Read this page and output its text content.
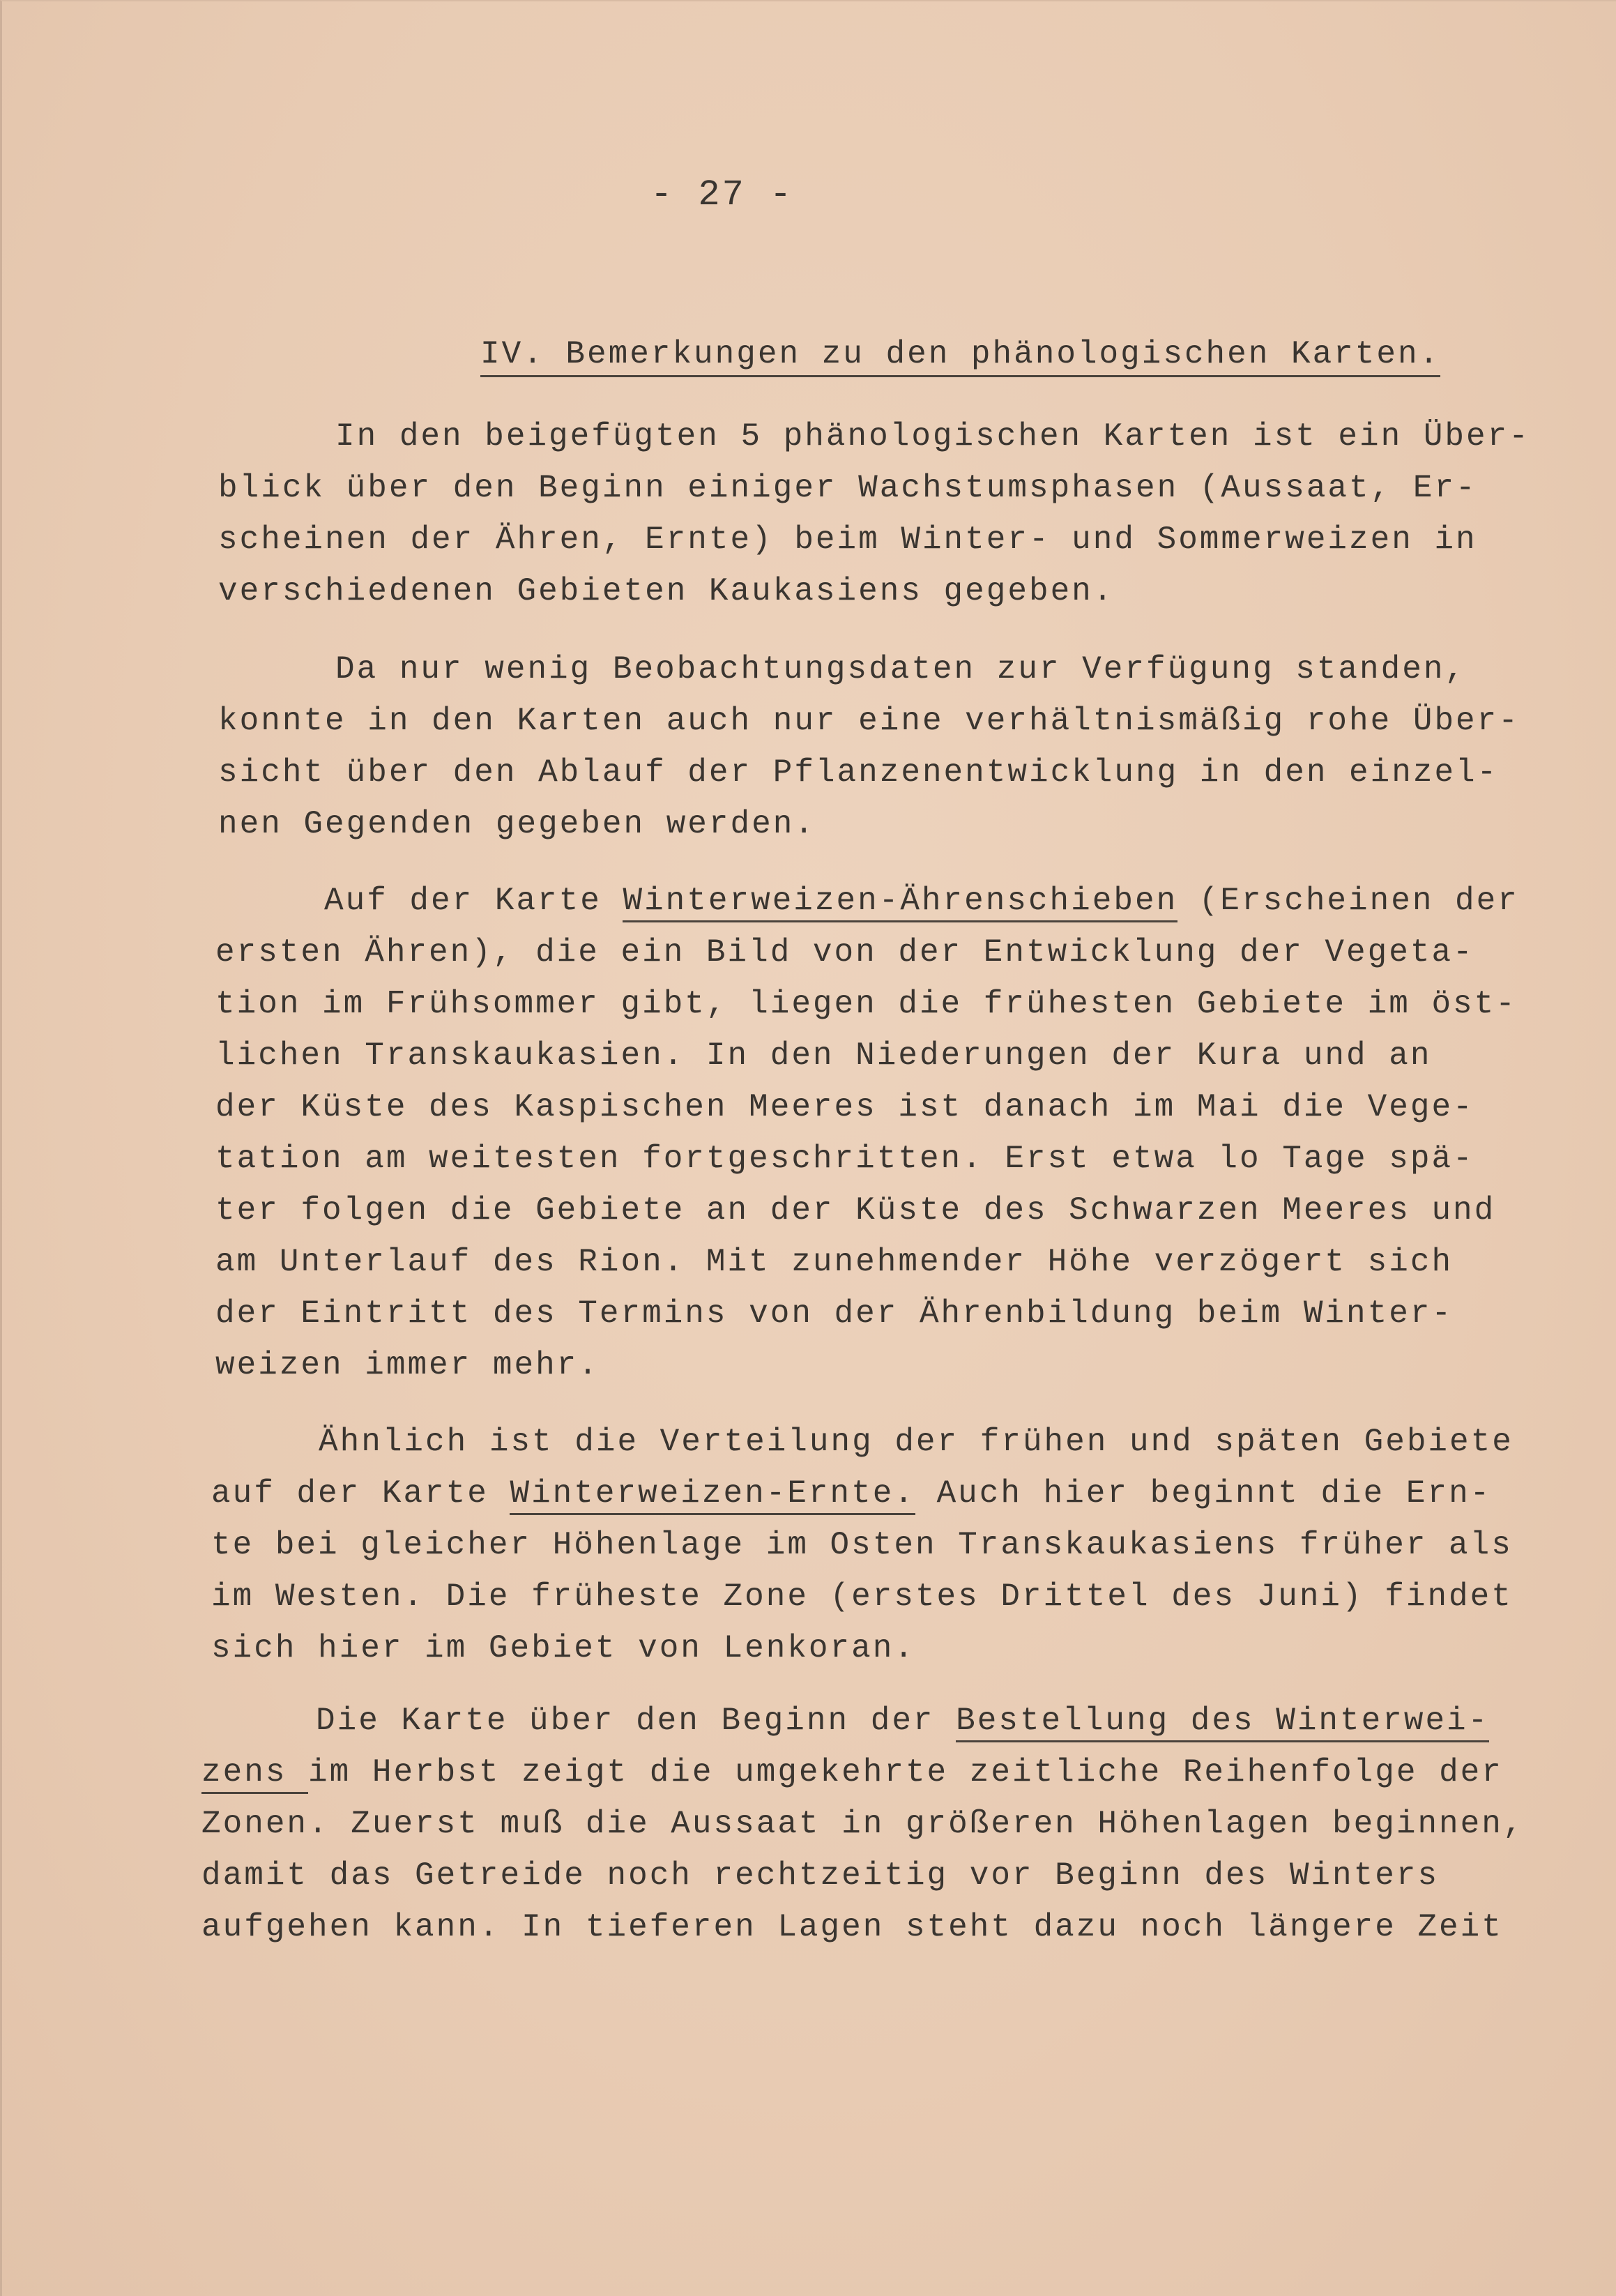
- 27 -

IV. Bemerkungen zu den phänologischen Karten.

In den beigefügten 5 phänologischen Karten ist ein Über-

blick über den Beginn einiger Wachstumsphasen (Aussaat, Er-

scheinen der Ähren, Ernte) beim Winter- und Sommerweizen in

verschiedenen Gebieten Kaukasiens gegeben.

Da nur wenig Beobachtungsdaten zur Verfügung standen,

konnte in den Karten auch nur eine verhältnismäßig rohe Über-

sicht über den Ablauf der Pflanzenentwicklung in den einzel-

nen Gegenden gegeben werden.

Auf der Karte Winterweizen-Ährenschieben (Erscheinen der

ersten Ähren), die ein Bild von der Entwicklung der Vegeta-

tion im Frühsommer gibt, liegen die frühesten Gebiete im öst-

lichen Transkaukasien. In den Niederungen der Kura und an

der Küste des Kaspischen Meeres ist danach im Mai die Vege-

tation am weitesten fortgeschritten. Erst etwa lo Tage spä-

ter folgen die Gebiete an der Küste des Schwarzen Meeres und

am Unterlauf des Rion. Mit zunehmender Höhe verzögert sich

der Eintritt des Termins von der Ährenbildung beim Winter-

weizen immer mehr.

Ähnlich ist die Verteilung der frühen und späten Gebiete

auf der Karte Winterweizen-Ernte. Auch hier beginnt die Ern-

te bei gleicher Höhenlage im Osten Transkaukasiens früher als

im Westen. Die früheste Zone (erstes Drittel des Juni) findet

sich hier im Gebiet von Lenkoran.

Die Karte über den Beginn der Bestellung des Winterwei-

zens im Herbst zeigt die umgekehrte zeitliche Reihenfolge der

Zonen. Zuerst muß die Aussaat in größeren Höhenlagen beginnen,

damit das Getreide noch rechtzeitig vor Beginn des Winters

aufgehen kann. In tieferen Lagen steht dazu noch längere Zeit
